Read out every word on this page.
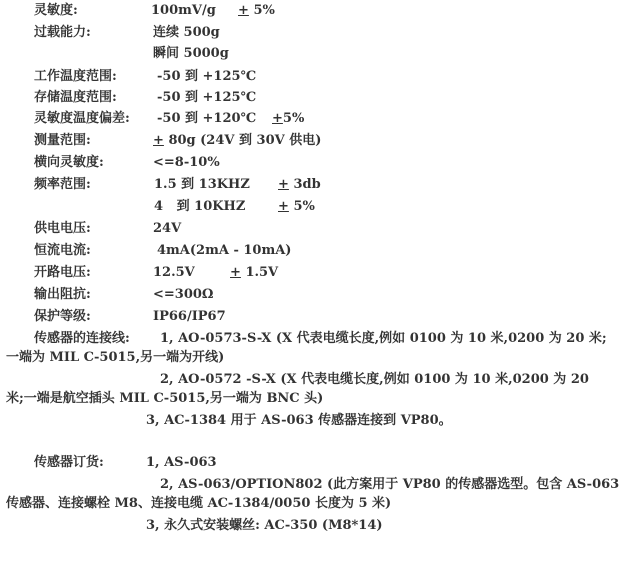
灵敏度:	100mV/g + 5%
过载能力:	连续 500g
瞬间 5000g
工作温度范围:	-50 到 +125℃
存储温度范围:	-50 到 +125℃
灵敏度温度偏差: -50 到 +120℃ +5%
测量范围:	+ 80g (24V 到 30V 供电)
横向灵敏度:	<=8-10%
频率范围:	1.5 到 13KHZ + 3db
4   到 10KHZ	+ 5%
供电电压:	24V
恒流电流:	4mA(2mA - 10mA)
开路电压:	12.5V	+ 1.5V
输出阻抗:	<=300Ω
保护等级:	IP66/IP67
传感器的连接线: 1, AO-0573-S-X (X 代表电缆长度,例如 0100 为 10 米,0200 为 20 米;
一端为 MIL C-5015,另一端为开线)
2, AO-0572 -S-X (X 代表电缆长度,例如 0100 为 10 米,0200 为 20
米;一端是航空插头 MIL C-5015,另一端为 BNC 头)
3, AC-1384 用于 AS-063 传感器连接到 VP80。
传感器订货:	1, AS-063
2, AS-063/OPTION802 (此方案用于 VP80 的传感器选型。包含 AS-063
传感器、连接螺栓 M8、连接电缆 AC-1384/0050 长度为 5 米)
3, 永久式安装螺丝: AC-350 (M8*14)
